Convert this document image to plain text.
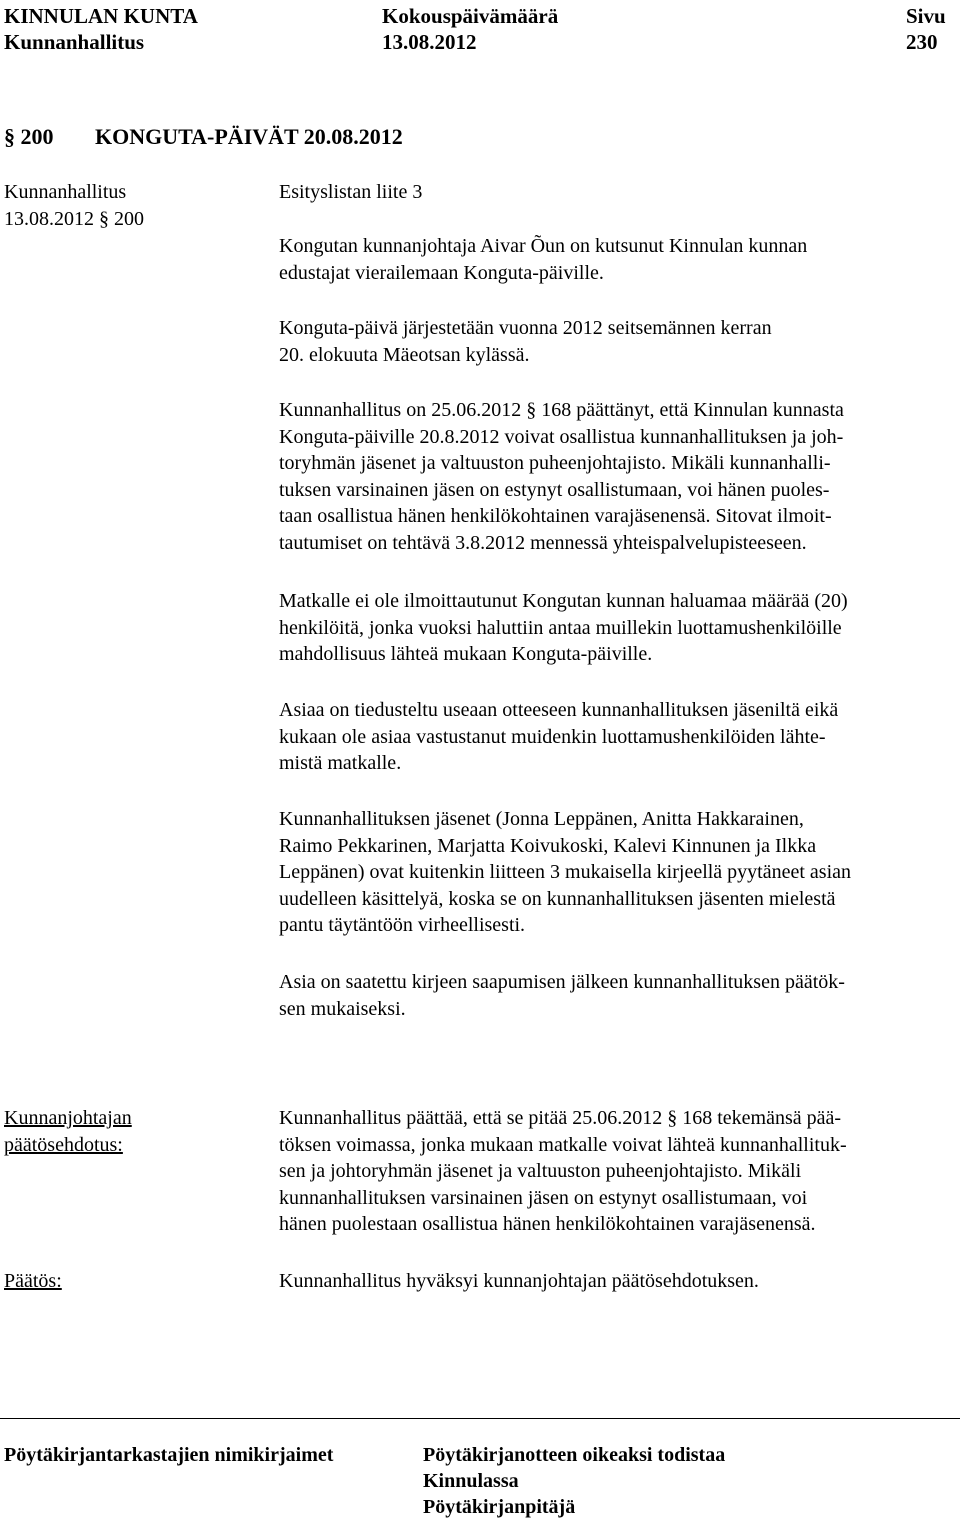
KINNULAN KUNTA
Kunnanhallitus
Kokouspäivämäärä
13.08.2012
Sivu
230
§ 200 KONGUTA-PÄIVÄT 20.08.2012
Kunnanhallitus
13.08.2012 § 200
Esityslistan liite 3
Kongutan kunnanjohtaja Aivar Õun on kutsunut Kinnulan kunnan
edustajat vierailemaan Konguta-päiville.
Konguta-päivä järjestetään vuonna 2012 seitsemännen kerran
20. elokuuta Mäeotsan kylässä.
Kunnanhallitus on 25.06.2012 § 168 päättänyt, että Kinnulan kunnasta
Konguta-päiville 20.8.2012 voivat osallistua kunnanhallituksen ja joh-
toryhmän jäsenet ja valtuuston puheenjohtajisto. Mikäli kunnanhalli-
tuksen varsinainen jäsen on estynyt osallistumaan, voi hänen puoles-
taan osallistua hänen henkilökohtainen varajäsenensä. Sitovat ilmoit-
tautumiset on tehtävä 3.8.2012 mennessä yhteispalvelupisteeseen.
Matkalle ei ole ilmoittautunut Kongutan kunnan haluamaa määrää (20)
henkilöitä, jonka vuoksi haluttiin antaa muillekin luottamushenkilöille
mahdollisuus lähteä mukaan Konguta-päiville.
Asiaa on tiedusteltu useaan otteeseen kunnanhallituksen jäseniltä eikä
kukaan ole asiaa vastustanut muidenkin luottamushenkilöiden lähte-
mistä matkalle.
Kunnanhallituksen jäsenet (Jonna Leppänen, Anitta Hakkarainen,
Raimo Pekkarinen, Marjatta Koivukoski, Kalevi Kinnunen ja Ilkka
Leppänen) ovat kuitenkin liitteen 3 mukaisella kirjeellä pyytäneet asian
uudelleen käsittelyä, koska se on kunnanhallituksen jäsenten mielestä
pantu täytäntöön virheellisesti.
Asia on saatettu kirjeen saapumisen jälkeen kunnanhallituksen päätök-
sen mukaiseksi.
Kunnanjohtajan
päätösehdotus:
Kunnanhallitus päättää, että se pitää 25.06.2012 § 168 tekemänsä pää-
töksen voimassa, jonka mukaan matkalle voivat lähteä kunnanhallituk-
sen ja johtoryhmän jäsenet ja valtuuston puheenjohtajisto. Mikäli
kunnanhallituksen varsinainen jäsen on estynyt osallistumaan, voi
hänen puolestaan osallistua hänen henkilökohtainen varajäsenensä.
Päätös:	Kunnanhallitus hyväksyi kunnanjohtajan päätösehdotuksen.
Pöytäkirjantarkastajien nimikirjaimet	Pöytäkirjanotteen oikeaksi todistaa
Kinnulassa
Pöytäkirjanpitäjä
